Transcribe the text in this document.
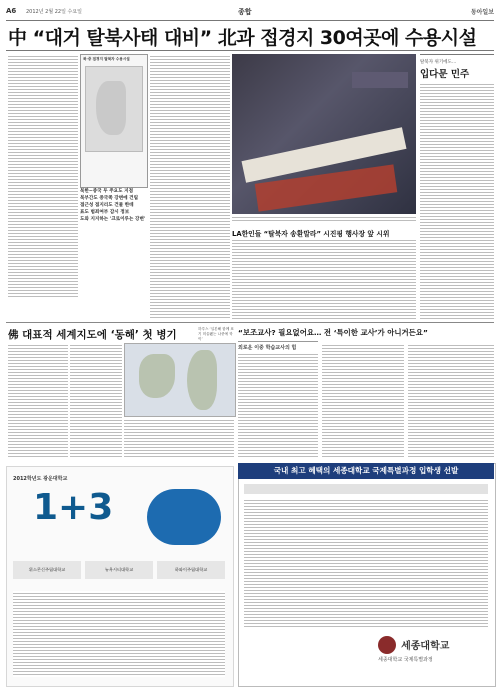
A6 2012년 2월 22일 수요일	종합	동아일보
中 “대거 탈북사태 대비” 北과 접경지 30여곳에 수용시설
북·중 접경지 탈북자 수용시설
북한~중국 두 주요도 지점
북부간도 중국쪽 강변에 건립
접근성 접지리도 건물 한데
표도 범죄여부 감시 정보
도와 지지하는 '크로이루는 강변'
LA한인들 “탈북자 송환말라” 시진핑 행사장 앞 시위
탈북자 위기에도…
입다문 민주
佛 대표적 세계지도에 ‘동해’ 첫 병기	하루스 ‘일본해 함께 표기 미술됐는 나중에 학이’
“보조교사? 필요없어요… 전 ‘특이한 교사’가 아니거든요”
외로운 이중 학습교사의 힘
2012학년도 광운대학교
1+3
위스콘신주립대학교	뉴욕시티대학교	하와이주립대학교
국내 최고 혜택의 세종대학교 국제특별과정 입학생 선발
세종대학교
세종대학교 국제특별과정
